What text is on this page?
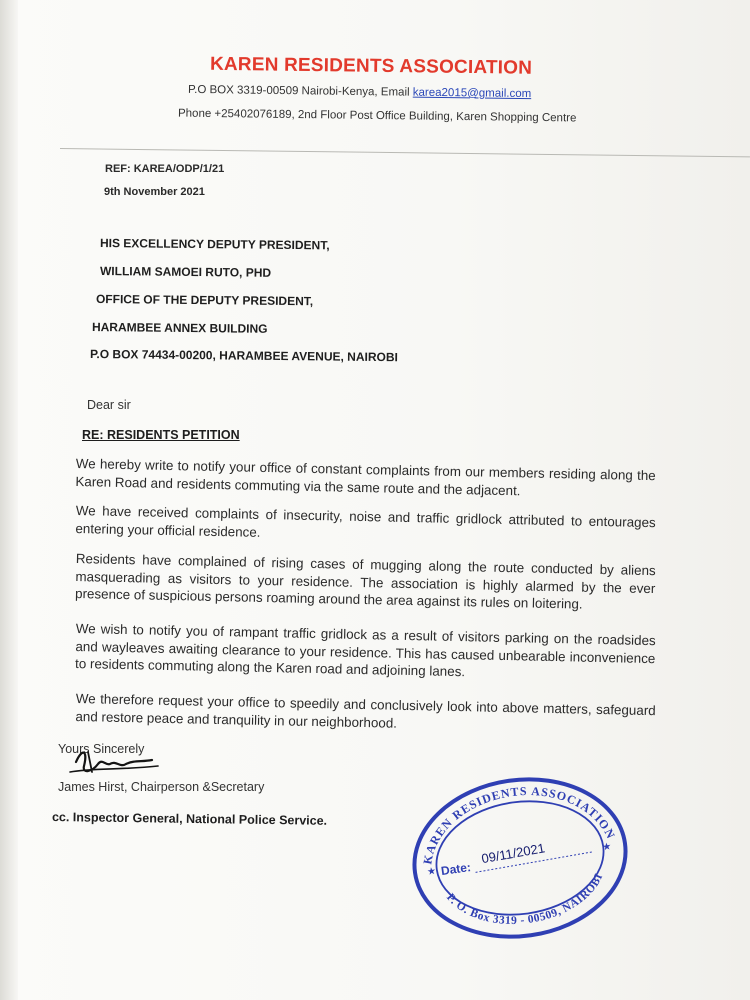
KAREN RESIDENTS ASSOCIATION
P.O BOX 3319-00509 Nairobi-Kenya, Email karea2015@gmail.com
Phone +25402076189, 2nd Floor Post Office Building, Karen Shopping Centre
REF: KAREA/ODP/1/21
9th November 2021
HIS EXCELLENCY DEPUTY PRESIDENT,
WILLIAM SAMOEI RUTO, PHD
OFFICE OF THE DEPUTY PRESIDENT,
HARAMBEE ANNEX BUILDING
P.O BOX 74434-00200, HARAMBEE AVENUE, NAIROBI
Dear sir
RE: RESIDENTS PETITION
We hereby write to notify your office of constant complaints from our members residing along the Karen Road and residents commuting via the same route and the adjacent.
We have received complaints of insecurity, noise and traffic gridlock attributed to entourages entering your official residence.
Residents have complained of rising cases of mugging along the route conducted by aliens masquerading as visitors to your residence. The association is highly alarmed by the ever presence of suspicious persons roaming around the area against its rules on loitering.
We wish to notify you of rampant traffic gridlock as a result of visitors parking on the roadsides and wayleaves awaiting clearance to your residence. This has caused unbearable inconvenience to residents commuting along the Karen road and adjoining lanes.
We therefore request your office to speedily and conclusively look into above matters, safeguard and restore peace and tranquility in our neighborhood.
Yours Sincerely
James Hirst, Chairperson &Secretary
cc. Inspector General, National Police Service.
KAREN RESIDENTS ASSOCIATION
P. O. Box 3319 - 00509, NAIROBI
Date:
09/11/2021	★
★
